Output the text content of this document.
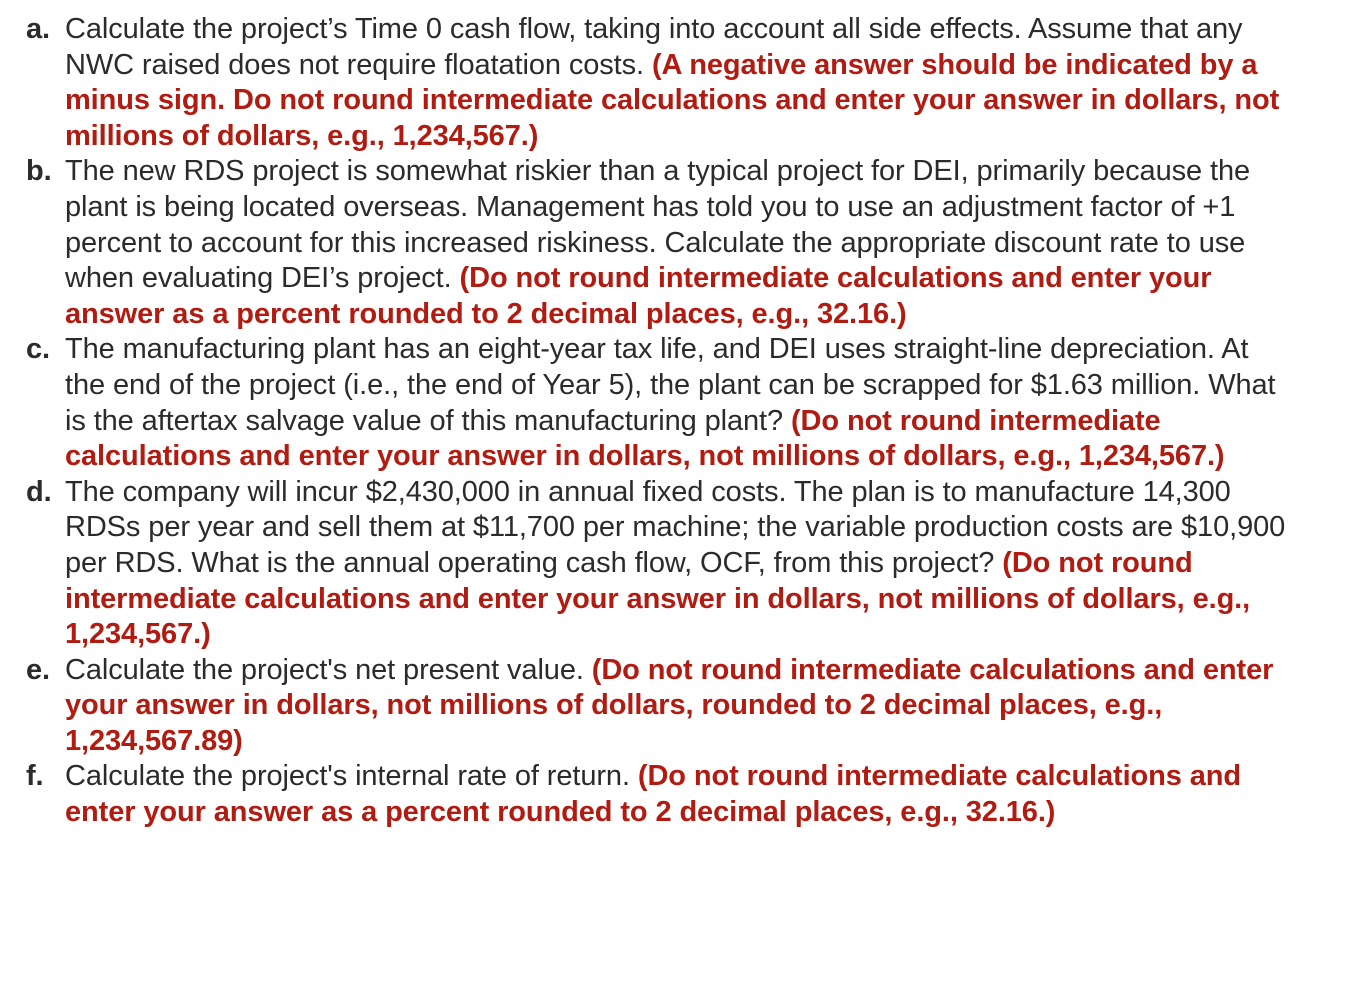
a. Calculate the project’s Time 0 cash flow, taking into account all side effects. Assume that any NWC raised does not require floatation costs. (A negative answer should be indicated by a minus sign. Do not round intermediate calculations and enter your answer in dollars, not millions of dollars, e.g., 1,234,567.)
b. The new RDS project is somewhat riskier than a typical project for DEI, primarily because the plant is being located overseas. Management has told you to use an adjustment factor of +1 percent to account for this increased riskiness. Calculate the appropriate discount rate to use when evaluating DEI’s project. (Do not round intermediate calculations and enter your answer as a percent rounded to 2 decimal places, e.g., 32.16.)
c. The manufacturing plant has an eight-year tax life, and DEI uses straight-line depreciation. At the end of the project (i.e., the end of Year 5), the plant can be scrapped for $1.63 million. What is the aftertax salvage value of this manufacturing plant? (Do not round intermediate calculations and enter your answer in dollars, not millions of dollars, e.g., 1,234,567.)
d. The company will incur $2,430,000 in annual fixed costs. The plan is to manufacture 14,300 RDSs per year and sell them at $11,700 per machine; the variable production costs are $10,900 per RDS. What is the annual operating cash flow, OCF, from this project? (Do not round intermediate calculations and enter your answer in dollars, not millions of dollars, e.g., 1,234,567.)
e. Calculate the project's net present value. (Do not round intermediate calculations and enter your answer in dollars, not millions of dollars, rounded to 2 decimal places, e.g., 1,234,567.89)
f. Calculate the project's internal rate of return. (Do not round intermediate calculations and enter your answer as a percent rounded to 2 decimal places, e.g., 32.16.)
